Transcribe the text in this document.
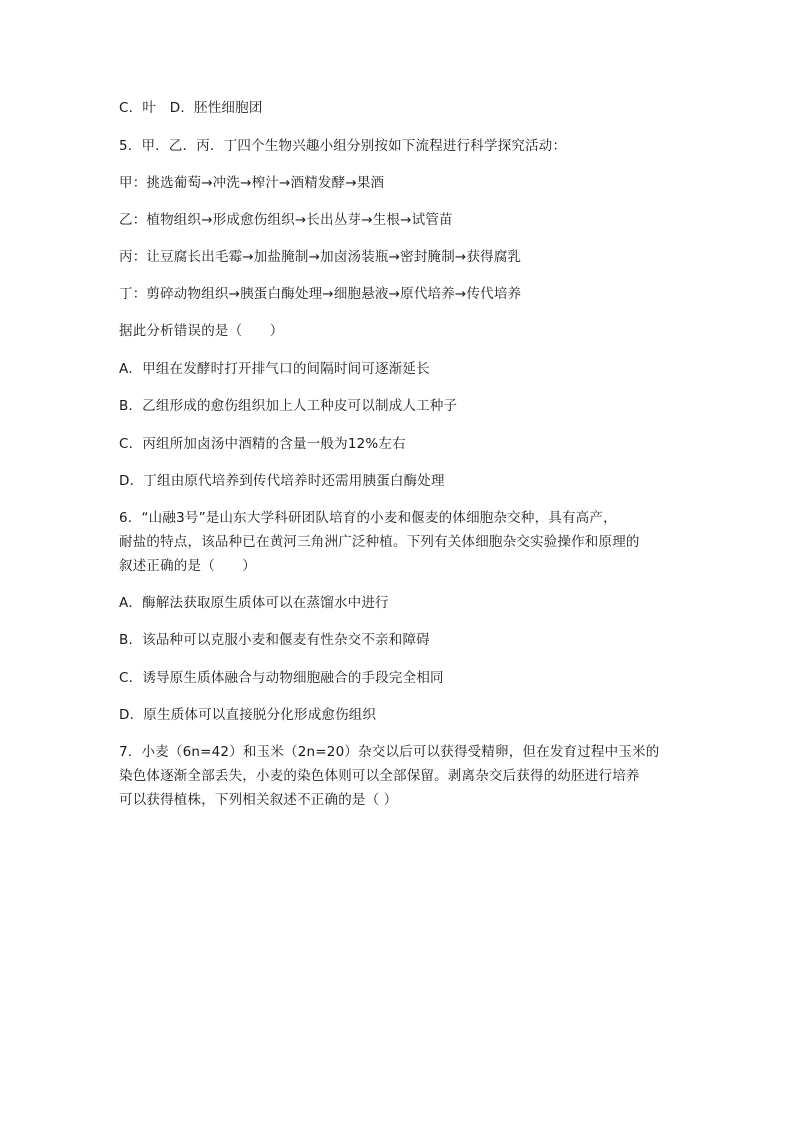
C．叶　D．胚性细胞团
5．甲．乙．丙．丁四个生物兴趣小组分别按如下流程进行科学探究活动：
甲：挑选葡萄→冲洗→榨汁→酒精发酵→果酒
乙：植物组织→形成愈伤组织→长出丛芽→生根→试管苗
丙：让豆腐长出毛霉→加盐腌制→加卤汤装瓶→密封腌制→获得腐乳
丁：剪碎动物组织→胰蛋白酶处理→细胞悬液→原代培养→传代培养
据此分析错误的是（　　）
A．甲组在发酵时打开排气口的间隔时间可逐渐延长
B．乙组形成的愈伤组织加上人工种皮可以制成人工种子
C．丙组所加卤汤中酒精的含量一般为12%左右
D．丁组由原代培养到传代培养时还需用胰蛋白酶处理
6．“山融3号”是山东大学科研团队培育的小麦和偃麦的体细胞杂交种，具有高产，
耐盐的特点，该品种已在黄河三角洲广泛种植。下列有关体细胞杂交实验操作和原理的
叙述正确的是（　　）
A．酶解法获取原生质体可以在蒸馏水中进行
B．该品种可以克服小麦和偃麦有性杂交不亲和障碍
C．诱导原生质体融合与动物细胞融合的手段完全相同
D．原生质体可以直接脱分化形成愈伤组织
7．小麦（6n=42）和玉米（2n=20）杂交以后可以获得受精卵，但在发育过程中玉米的
染色体逐渐全部丢失，小麦的染色体则可以全部保留。剥离杂交后获得的幼胚进行培养
可以获得植株，下列相关叙述不正确的是（ ）
